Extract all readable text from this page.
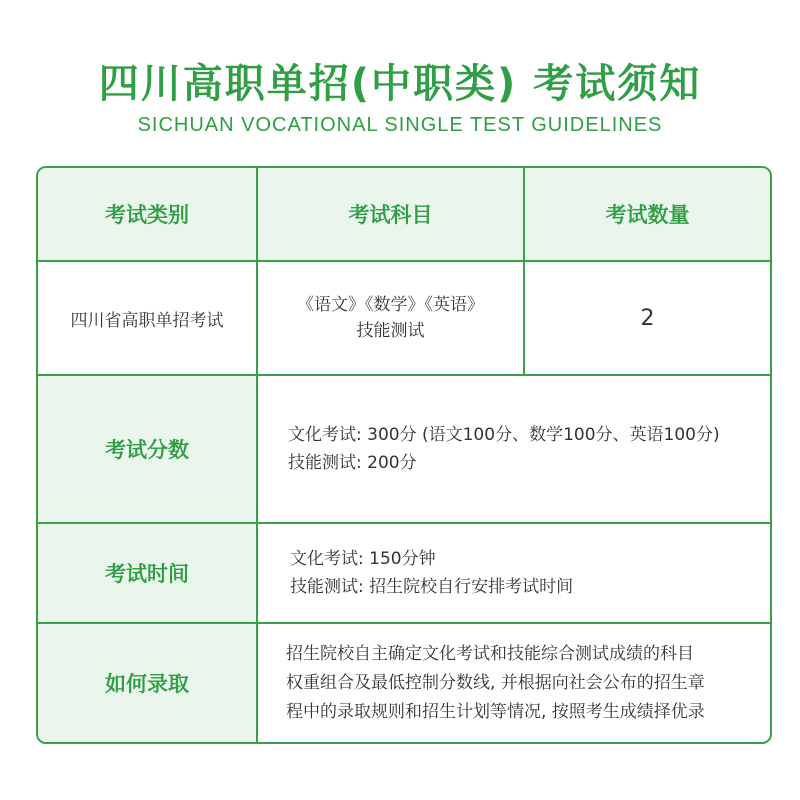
四川高职单招(中职类) 考试须知
SICHUAN VOCATIONAL SINGLE TEST GUIDELINES
考试类别	考试科目	考试数量
四川省高职单招考试
《语文》《数学》《英语》
技能测试
2
考试分数
文化考试: 300分 (语文100分、数学100分、英语100分)
技能测试: 200分
考试时间
文化考试: 150分钟
技能测试: 招生院校自行安排考试时间
如何录取
招生院校自主确定文化考试和技能综合测试成绩的科目
权重组合及最低控制分数线, 并根据向社会公布的招生章
程中的录取规则和招生计划等情况, 按照考生成绩择优录
